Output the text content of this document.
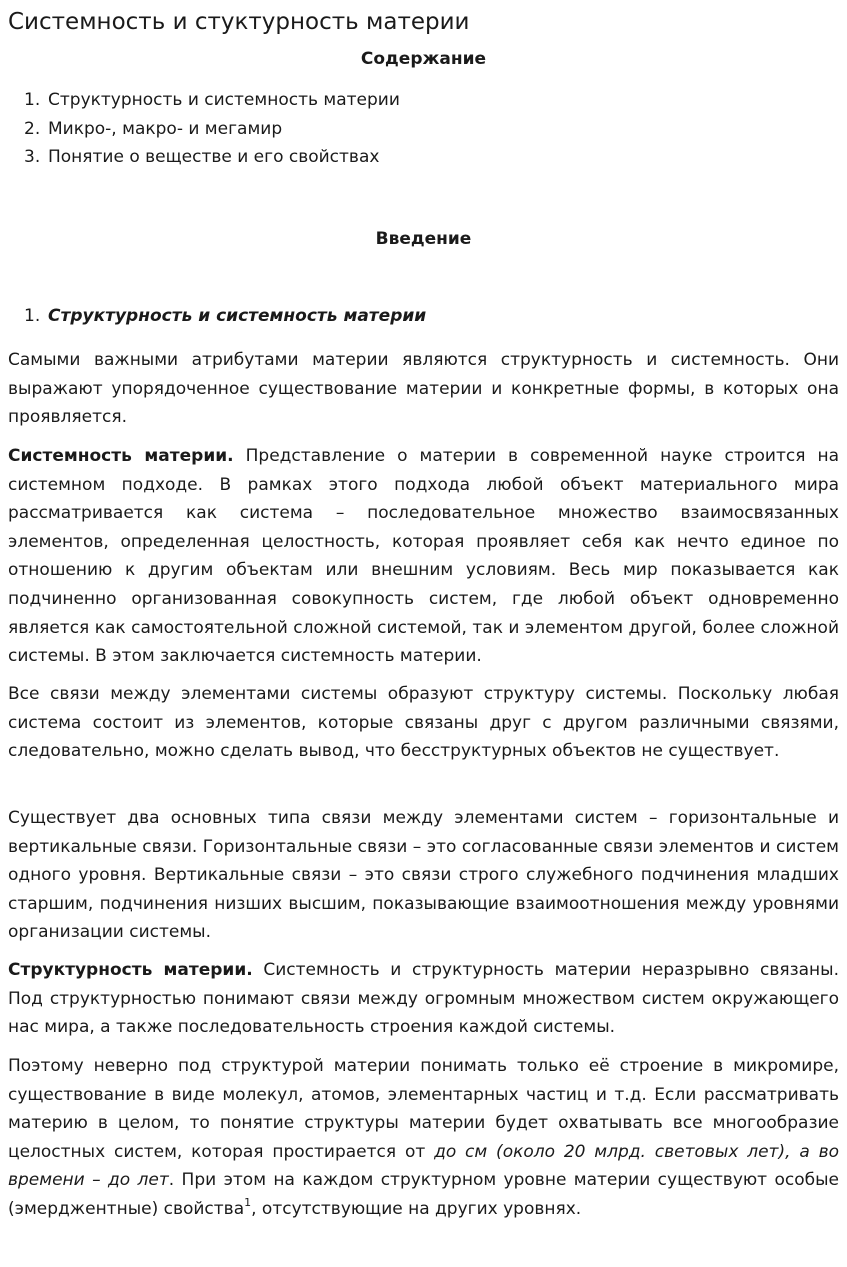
Системность и стуктурность материи
Содержание
1. Структурность и системность материи
2. Микро-, макро- и мегамир
3. Понятие о веществе и его свойствах
Введение
1. Структурность и системность материи

Самыми важными атрибутами материи являются структурность и системность. Они выражают упорядоченное существование материи и конкретные формы, в которых она проявляется.

Системность материи. Представление о материи в современной науке строится на системном подходе. В рамках этого подхода любой объект материального мира рассматривается как система – последовательное множество взаимосвязанных элементов, определенная целостность, которая проявляет себя как нечто единое по отношению к другим объектам или внешним условиям. Весь мир показывается как подчиненно организованная совокупность систем, где любой объект одновременно является как самостоятельной сложной системой, так и элементом другой, более сложной системы. В этом заключается системность материи.

Все связи между элементами системы образуют структуру системы. Поскольку любая система состоит из элементов, которые связаны друг с другом различными связями, следовательно, можно сделать вывод, что бесструктурных объектов не существует.

Существует два основных типа связи между элементами систем – горизонтальные и вертикальные связи. Горизонтальные связи – это согласованные связи элементов и систем одного уровня. Вертикальные связи – это связи строго служебного подчинения младших старшим, подчинения низших высшим, показывающие взаимоотношения между уровнями организации системы.

Структурность материи. Системность и структурность материи неразрывно связаны. Под структурностью понимают связи между огромным множеством систем окружающего нас мира, а также последовательность строения каждой системы.

Поэтому неверно под структурой материи понимать только её строение в микромире, существование в виде молекул, атомов, элементарных частиц и т.д. Если рассматривать материю в целом, то понятие структуры материи будет охватывать все многообразие целостных систем, которая простирается от до см (около 20 млрд. световых лет), а во времени – до лет. При этом на каждом структурном уровне материи существуют особые (эмерджентные) свойства$^1$, отсутствующие на других уровнях.
